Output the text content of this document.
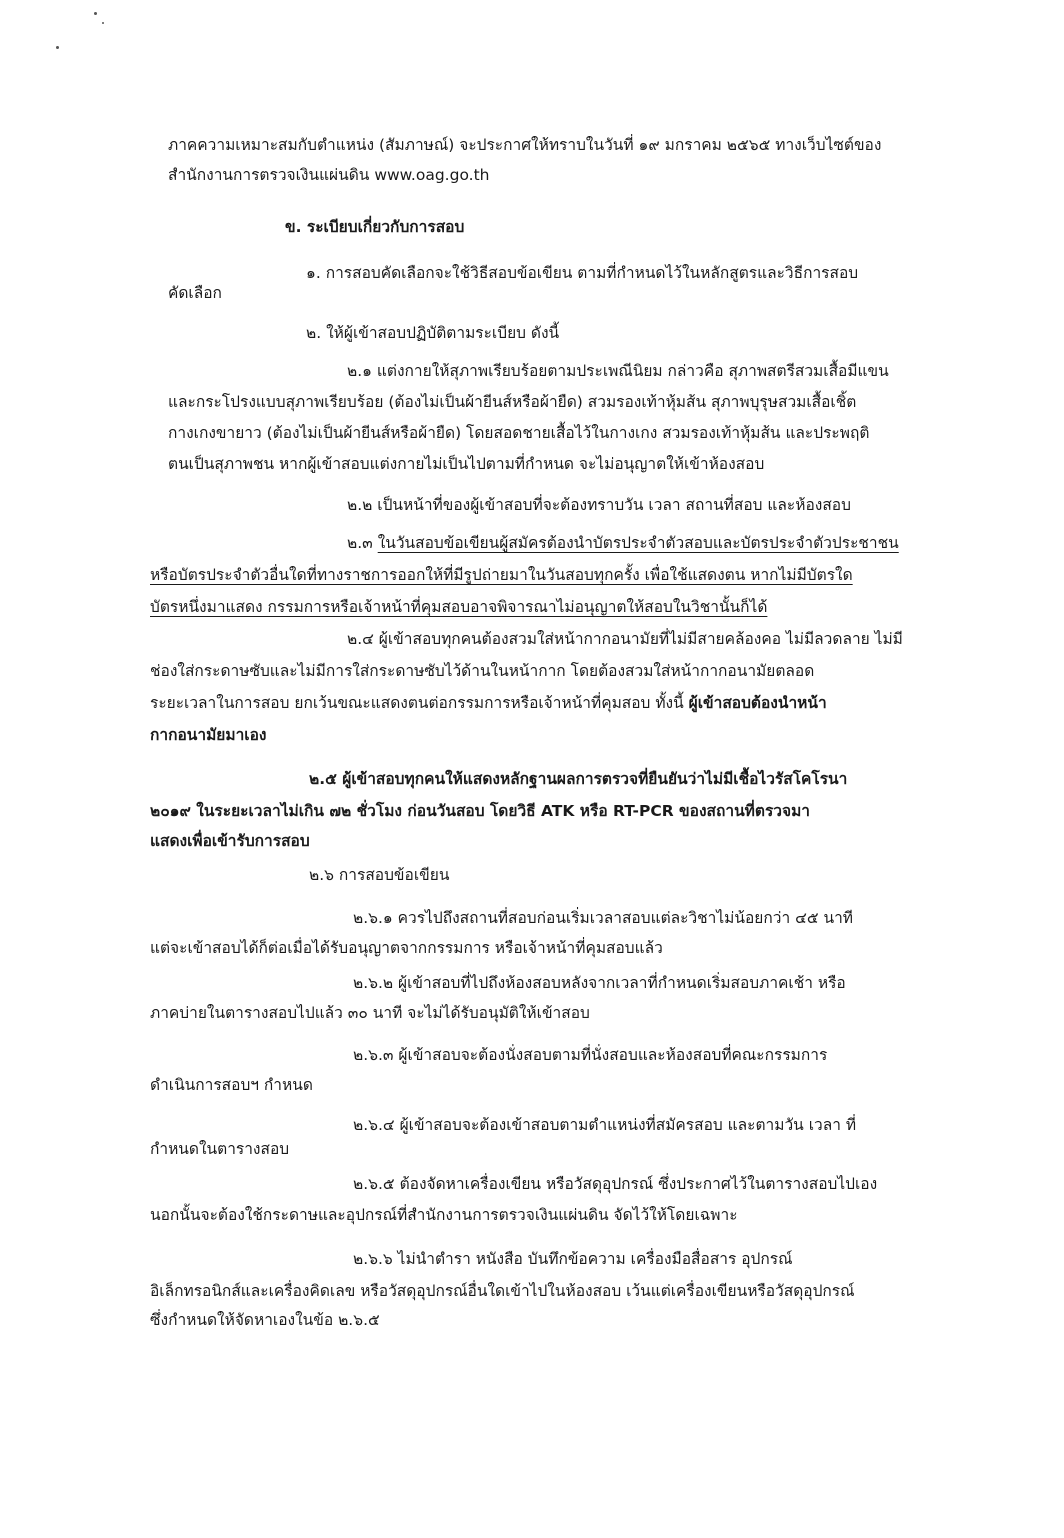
ภาคความเหมาะสมกับตำแหน่ง (สัมภาษณ์) จะประกาศให้ทราบในวันที่ ๑๙ มกราคม ๒๕๖๕ ทางเว็บไซต์ของ
สำนักงานการตรวจเงินแผ่นดิน www.oag.go.th
ข. ระเบียบเกี่ยวกับการสอบ
๑. การสอบคัดเลือกจะใช้วิธีสอบข้อเขียน ตามที่กำหนดไว้ในหลักสูตรและวิธีการสอบ
คัดเลือก
๒. ให้ผู้เข้าสอบปฏิบัติตามระเบียบ ดังนี้
๒.๑ แต่งกายให้สุภาพเรียบร้อยตามประเพณีนิยม กล่าวคือ สุภาพสตรีสวมเสื้อมีแขน
และกระโปรงแบบสุภาพเรียบร้อย (ต้องไม่เป็นผ้ายีนส์หรือผ้ายืด) สวมรองเท้าหุ้มส้น สุภาพบุรุษสวมเสื้อเชิ้ต
กางเกงขายาว (ต้องไม่เป็นผ้ายีนส์หรือผ้ายืด) โดยสอดชายเสื้อไว้ในกางเกง สวมรองเท้าหุ้มส้น และประพฤติ
ตนเป็นสุภาพชน หากผู้เข้าสอบแต่งกายไม่เป็นไปตามที่กำหนด จะไม่อนุญาตให้เข้าห้องสอบ
๒.๒ เป็นหน้าที่ของผู้เข้าสอบที่จะต้องทราบวัน เวลา สถานที่สอบ และห้องสอบ
๒.๓ ในวันสอบข้อเขียนผู้สมัครต้องนำบัตรประจำตัวสอบและบัตรประจำตัวประชาชน
หรือบัตรประจำตัวอื่นใดที่ทางราชการออกให้ที่มีรูปถ่ายมาในวันสอบทุกครั้ง เพื่อใช้แสดงตน หากไม่มีบัตรใด
บัตรหนึ่งมาแสดง กรรมการหรือเจ้าหน้าที่คุมสอบอาจพิจารณาไม่อนุญาตให้สอบในวิชานั้นก็ได้
๒.๔ ผู้เข้าสอบทุกคนต้องสวมใส่หน้ากากอนามัยที่ไม่มีสายคล้องคอ ไม่มีลวดลาย ไม่มี
ช่องใส่กระดาษซับและไม่มีการใส่กระดาษซับไว้ด้านในหน้ากาก โดยต้องสวมใส่หน้ากากอนามัยตลอด
ระยะเวลาในการสอบ ยกเว้นขณะแสดงตนต่อกรรมการหรือเจ้าหน้าที่คุมสอบ ทั้งนี้ ผู้เข้าสอบต้องนำหน้า
กากอนามัยมาเอง
๒.๕ ผู้เข้าสอบทุกคนให้แสดงหลักฐานผลการตรวจที่ยืนยันว่าไม่มีเชื้อไวรัสโคโรนา
๒๐๑๙ ในระยะเวลาไม่เกิน ๗๒ ชั่วโมง ก่อนวันสอบ โดยวิธี ATK หรือ RT-PCR ของสถานที่ตรวจมา
แสดงเพื่อเข้ารับการสอบ
๒.๖ การสอบข้อเขียน
๒.๖.๑ ควรไปถึงสถานที่สอบก่อนเริ่มเวลาสอบแต่ละวิชาไม่น้อยกว่า ๔๕ นาที
แต่จะเข้าสอบได้ก็ต่อเมื่อได้รับอนุญาตจากกรรมการ หรือเจ้าหน้าที่คุมสอบแล้ว
๒.๖.๒ ผู้เข้าสอบที่ไปถึงห้องสอบหลังจากเวลาที่กำหนดเริ่มสอบภาคเช้า หรือ
ภาคบ่ายในตารางสอบไปแล้ว ๓๐ นาที จะไม่ได้รับอนุมัติให้เข้าสอบ
๒.๖.๓ ผู้เข้าสอบจะต้องนั่งสอบตามที่นั่งสอบและห้องสอบที่คณะกรรมการ
ดำเนินการสอบฯ กำหนด
๒.๖.๔ ผู้เข้าสอบจะต้องเข้าสอบตามตำแหน่งที่สมัครสอบ และตามวัน เวลา ที่
กำหนดในตารางสอบ
๒.๖.๕ ต้องจัดหาเครื่องเขียน หรือวัสดุอุปกรณ์ ซึ่งประกาศไว้ในตารางสอบไปเอง
นอกนั้นจะต้องใช้กระดาษและอุปกรณ์ที่สำนักงานการตรวจเงินแผ่นดิน จัดไว้ให้โดยเฉพาะ
๒.๖.๖ ไม่นำตำรา หนังสือ บันทึกข้อความ เครื่องมือสื่อสาร อุปกรณ์
อิเล็กทรอนิกส์และเครื่องคิดเลข หรือวัสดุอุปกรณ์อื่นใดเข้าไปในห้องสอบ เว้นแต่เครื่องเขียนหรือวัสดุอุปกรณ์
ซึ่งกำหนดให้จัดหาเองในข้อ ๒.๖.๕
